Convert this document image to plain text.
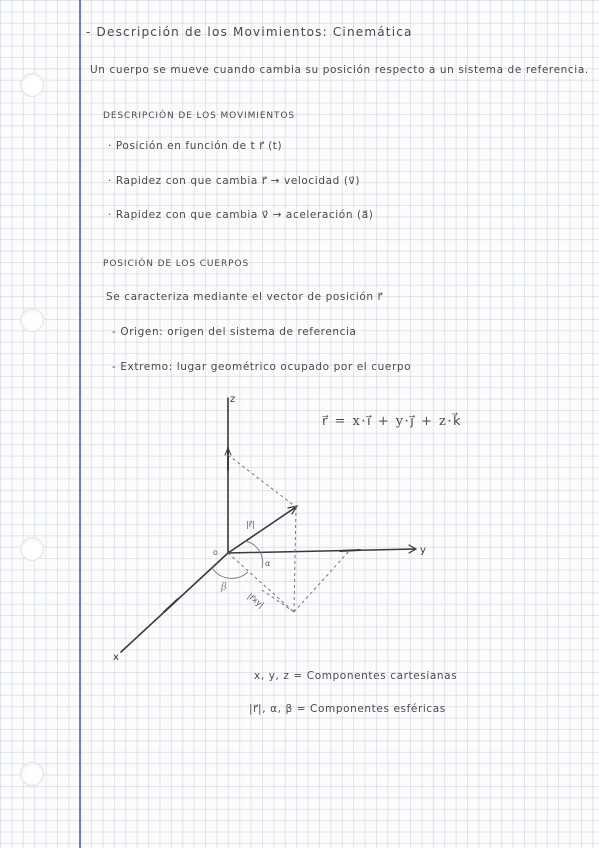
- Descripción de los Movimientos: Cinemática

Un cuerpo se mueve cuando cambia su posición respecto a un sistema de referencia.

DESCRIPCIÓN DE LOS MOVIMIENTOS

· Posición en función de t r⃗ (t)

· Rapidez con que cambia r⃗ → velocidad (v⃗)

· Rapidez con que cambia v⃗ → aceleración (a⃗)

POSICIÓN DE LOS CUERPOS

Se caracteriza mediante el vector de posición r⃗

- Origen: origen del sistema de referencia

- Extremo: lugar geométrico ocupado por el cuerpo

r⃗ = x·i⃗ + y·j⃗ + z·k⃗

z
y
x
o
|r⃗|
α
β
|r⃗xy|

x, y, z = Componentes cartesianas

|r⃗|, α, β = Componentes esféricas
